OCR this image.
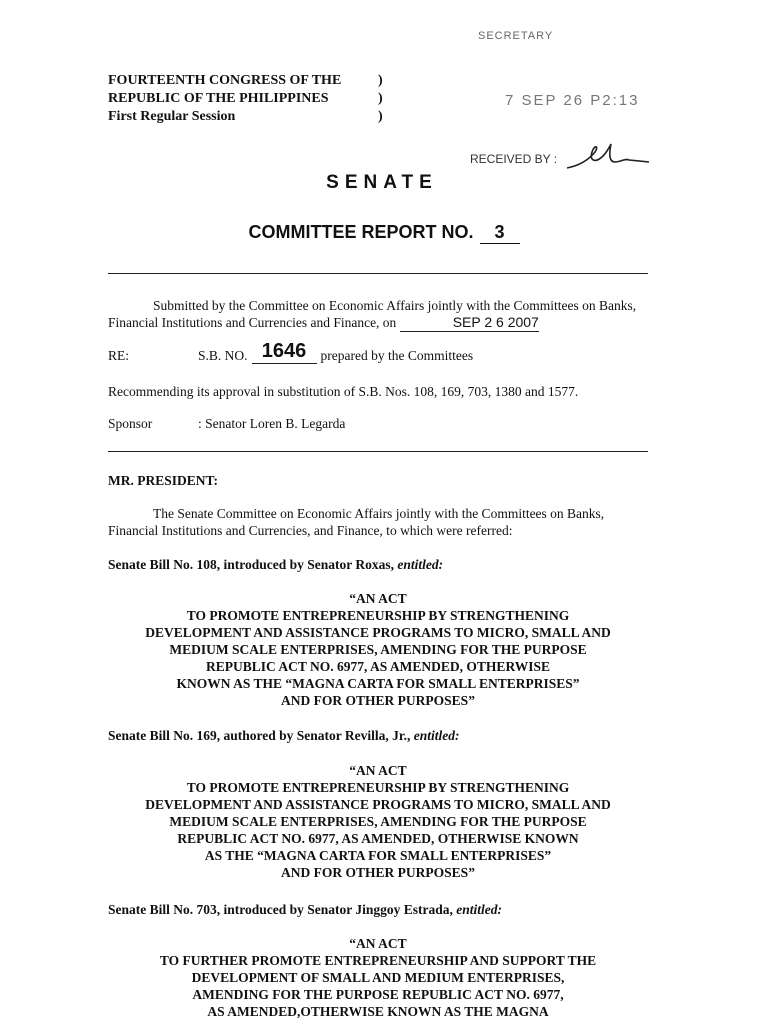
SECRETARY
7 SEP 26 P2:13
RECEIVED BY :
FOURTEENTH CONGRESS OF THE	)
REPUBLIC OF THE PHILIPPINES	)
First Regular Session	)
SENATE
COMMITTEE REPORT NO. 3
Submitted by the Committee on Economic Affairs jointly with the Committees on Banks, Financial Institutions and Currencies and Finance, on	SEP 2 6 2007
RE:	S.B. NO. 1646	prepared by the Committees
Recommending its approval in substitution of S.B. Nos. 108, 169, 703, 1380 and 1577.
Sponsor	: Senator Loren B. Legarda
MR. PRESIDENT:
The Senate Committee on Economic Affairs jointly with the Committees on Banks, Financial Institutions and Currencies, and Finance, to which were referred:
Senate Bill No. 108, introduced by Senator Roxas, entitled:
“AN ACT
TO PROMOTE ENTREPRENEURSHIP BY STRENGTHENING
DEVELOPMENT AND ASSISTANCE PROGRAMS TO MICRO, SMALL AND
MEDIUM SCALE ENTERPRISES, AMENDING FOR THE PURPOSE
REPUBLIC ACT NO. 6977, AS AMENDED, OTHERWISE
KNOWN AS THE “MAGNA CARTA FOR SMALL ENTERPRISES”
AND FOR OTHER PURPOSES”
Senate Bill No. 169, authored by Senator Revilla, Jr., entitled:
“AN ACT
TO PROMOTE ENTREPRENEURSHIP BY STRENGTHENING
DEVELOPMENT AND ASSISTANCE PROGRAMS TO MICRO, SMALL AND
MEDIUM SCALE ENTERPRISES, AMENDING FOR THE PURPOSE
REPUBLIC ACT NO. 6977, AS AMENDED, OTHERWISE KNOWN
AS THE “MAGNA CARTA FOR SMALL ENTERPRISES”
AND FOR OTHER PURPOSES”
Senate Bill No. 703, introduced by Senator Jinggoy Estrada, entitled:
“AN ACT
TO FURTHER PROMOTE ENTREPRENEURSHIP AND SUPPORT THE
DEVELOPMENT OF SMALL AND MEDIUM ENTERPRISES,
AMENDING FOR THE PURPOSE REPUBLIC ACT NO. 6977,
AS AMENDED,OTHERWISE KNOWN AS THE MAGNA
